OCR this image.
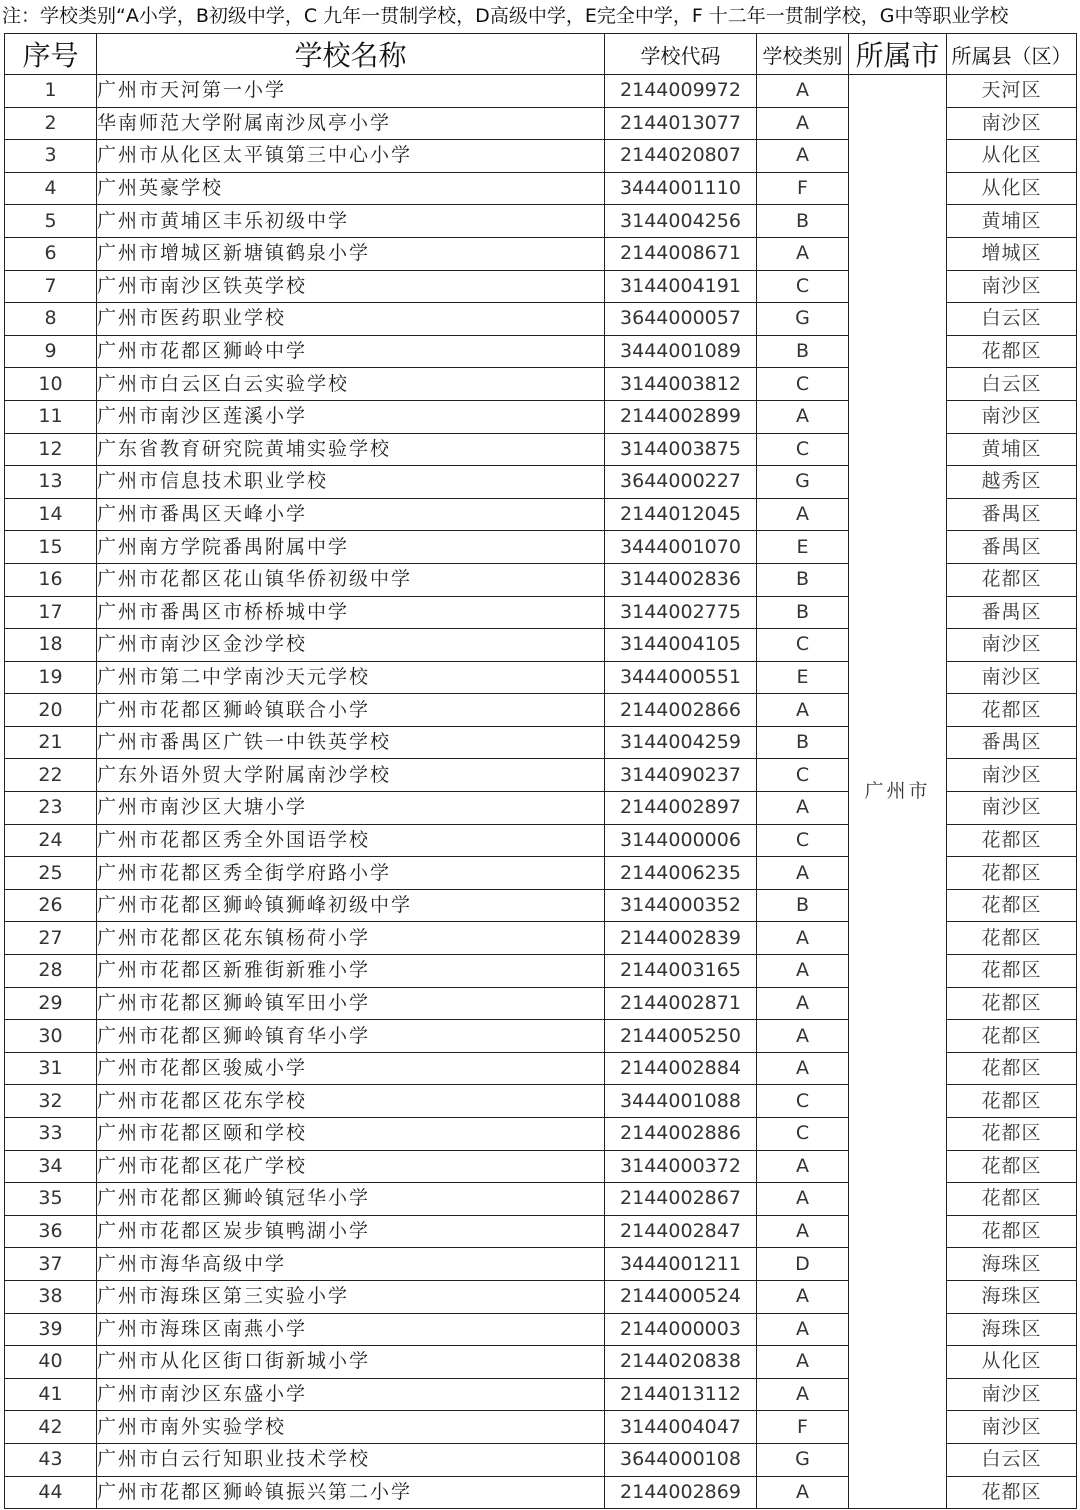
注：学校类别“A小学，B初级中学，C 九年一贯制学校，D高级中学，E完全中学，F 十二年一贯制学校，G中等职业学校
序号	学校名称	学校代码	学校类别	所属市	所属县（区）
1	广州市天河第一小学	2144009972	A	广州市	天河区
2	华南师范大学附属南沙凤亭小学	2144013077	A		南沙区
3	广州市从化区太平镇第三中心小学	2144020807	A		从化区
4	广州英豪学校	3444001110	F		从化区
5	广州市黄埔区丰乐初级中学	3144004256	B		黄埔区
6	广州市增城区新塘镇鹤泉小学	2144008671	A		增城区
7	广州市南沙区铁英学校	3144004191	C		南沙区
8	广州市医药职业学校	3644000057	G		白云区
9	广州市花都区狮岭中学	3444001089	B		花都区
10	广州市白云区白云实验学校	3144003812	C		白云区
11	广州市南沙区莲溪小学	2144002899	A		南沙区
12	广东省教育研究院黄埔实验学校	3144003875	C		黄埔区
13	广州市信息技术职业学校	3644000227	G		越秀区
14	广州市番禺区天峰小学	2144012045	A		番禺区
15	广州南方学院番禺附属中学	3444001070	E		番禺区
16	广州市花都区花山镇华侨初级中学	3144002836	B		花都区
17	广州市番禺区市桥桥城中学	3144002775	B		番禺区
18	广州市南沙区金沙学校	3144004105	C		南沙区
19	广州市第二中学南沙天元学校	3444000551	E		南沙区
20	广州市花都区狮岭镇联合小学	2144002866	A		花都区
21	广州市番禺区广铁一中铁英学校	3144004259	B		番禺区
22	广东外语外贸大学附属南沙学校	3144090237	C		南沙区
23	广州市南沙区大塘小学	2144002897	A		南沙区
24	广州市花都区秀全外国语学校	3144000006	C		花都区
25	广州市花都区秀全街学府路小学	2144006235	A		花都区
26	广州市花都区狮岭镇狮峰初级中学	3144000352	B		花都区
27	广州市花都区花东镇杨荷小学	2144002839	A		花都区
28	广州市花都区新雅街新雅小学	2144003165	A		花都区
29	广州市花都区狮岭镇军田小学	2144002871	A		花都区
30	广州市花都区狮岭镇育华小学	2144005250	A		花都区
31	广州市花都区骏威小学	2144002884	A		花都区
32	广州市花都区花东学校	3444001088	C		花都区
33	广州市花都区颐和学校	2144002886	C		花都区
34	广州市花都区花广学校	3144000372	A		花都区
35	广州市花都区狮岭镇冠华小学	2144002867	A		花都区
36	广州市花都区炭步镇鸭湖小学	2144002847	A		花都区
37	广州市海华高级中学	3444001211	D		海珠区
38	广州市海珠区第三实验小学	2144000524	A		海珠区
39	广州市海珠区南燕小学	2144000003	A		海珠区
40	广州市从化区街口街新城小学	2144020838	A		从化区
41	广州市南沙区东盛小学	2144013112	A		南沙区
42	广州市南外实验学校	3144004047	F		南沙区
43	广州市白云行知职业技术学校	3644000108	G		白云区
44	广州市花都区狮岭镇振兴第二小学	2144002869	A		花都区
